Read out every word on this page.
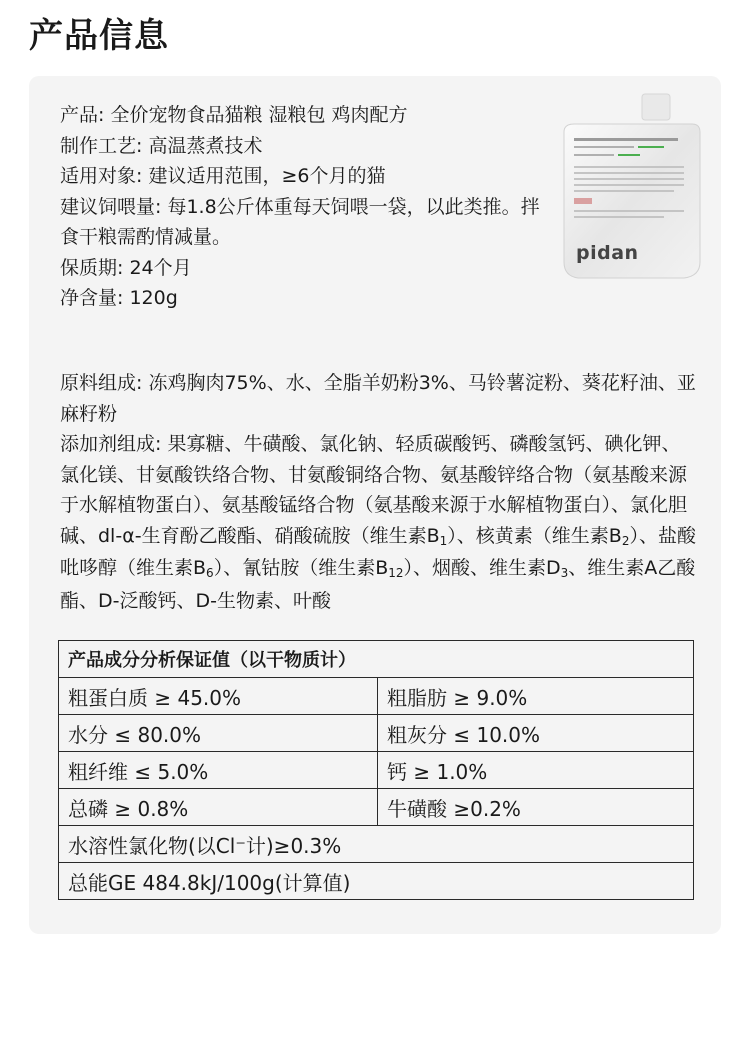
产品信息
产品: 全价宠物食品猫粮 湿粮包 鸡肉配方
制作工艺: 高温蒸煮技术
适用对象: 建议适用范围，≥6个月的猫
建议饲喂量: 每1.8公斤体重每天饲喂一袋，以此类推。拌食干粮需酌情减量。
保质期: 24个月
净含量: 120g
pidan

原料组成: 冻鸡胸肉75%、水、全脂羊奶粉3%、马铃薯淀粉、葵花籽油、亚麻籽粉

添加剂组成: 果寡糖、牛磺酸、氯化钠、轻质碳酸钙、磷酸氢钙、碘化钾、氯化镁、甘氨酸铁络合物、甘氨酸铜络合物、氨基酸锌络合物（氨基酸来源于水解植物蛋白）、氨基酸锰络合物（氨基酸来源于水解植物蛋白）、氯化胆碱、dl-α-生育酚乙酸酯、硝酸硫胺（维生素$B_1$）、核黄素（维生素$B_2$）、盐酸吡哆醇（维生素$B_6$）、氰钴胺（维生素$B_{12}$）、烟酸、维生素$D_3$、维生素A乙酸酯、D-泛酸钙、D-生物素、叶酸

产品成分分析保证值（以干物质计）	
粗蛋白质 ≥ 45.0%	粗脂肪 ≥ 9.0%
水分 ≤ 80.0%	粗灰分 ≤ 10.0%
粗纤维 ≤ 5.0%	钙 ≥ 1.0%
总磷 ≥ 0.8%	牛磺酸 ≥0.2%
水溶性氯化物(以Cl⁻计)≥0.3%	
总能GE 484.8kJ/100g(计算值)	
